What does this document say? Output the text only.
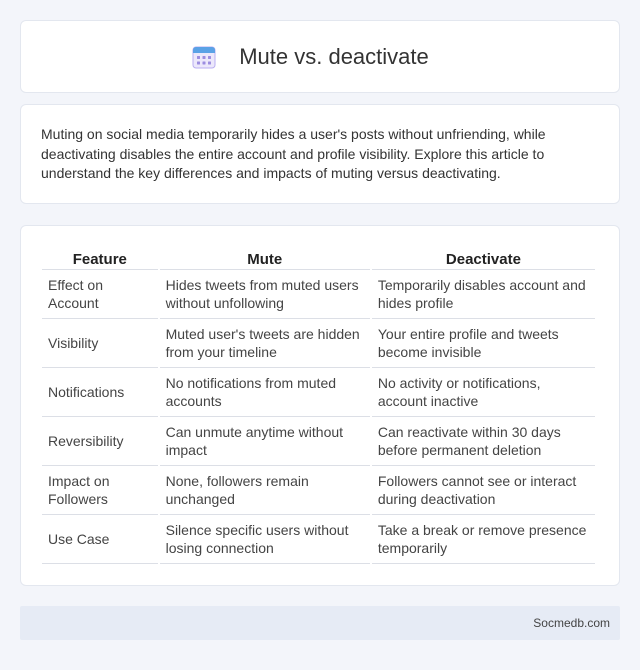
Mute vs. deactivate

Muting on social media temporarily hides a user's posts without unfriending, while deactivating disables the entire account and profile visibility. Explore this article to understand the key differences and impacts of muting versus deactivating.

Feature	Mute	Deactivate
Effect on Account	Hides tweets from muted users without unfollowing	Temporarily disables account and hides profile
Visibility	Muted user's tweets are hidden from your timeline	Your entire profile and tweets become invisible
Notifications	No notifications from muted accounts	No activity or notifications, account inactive
Reversibility	Can unmute anytime without impact	Can reactivate within 30 days before permanent deletion
Impact on Followers	None, followers remain unchanged	Followers cannot see or interact during deactivation
Use Case	Silence specific users without losing connection	Take a break or remove presence temporarily
Socmedb.com
